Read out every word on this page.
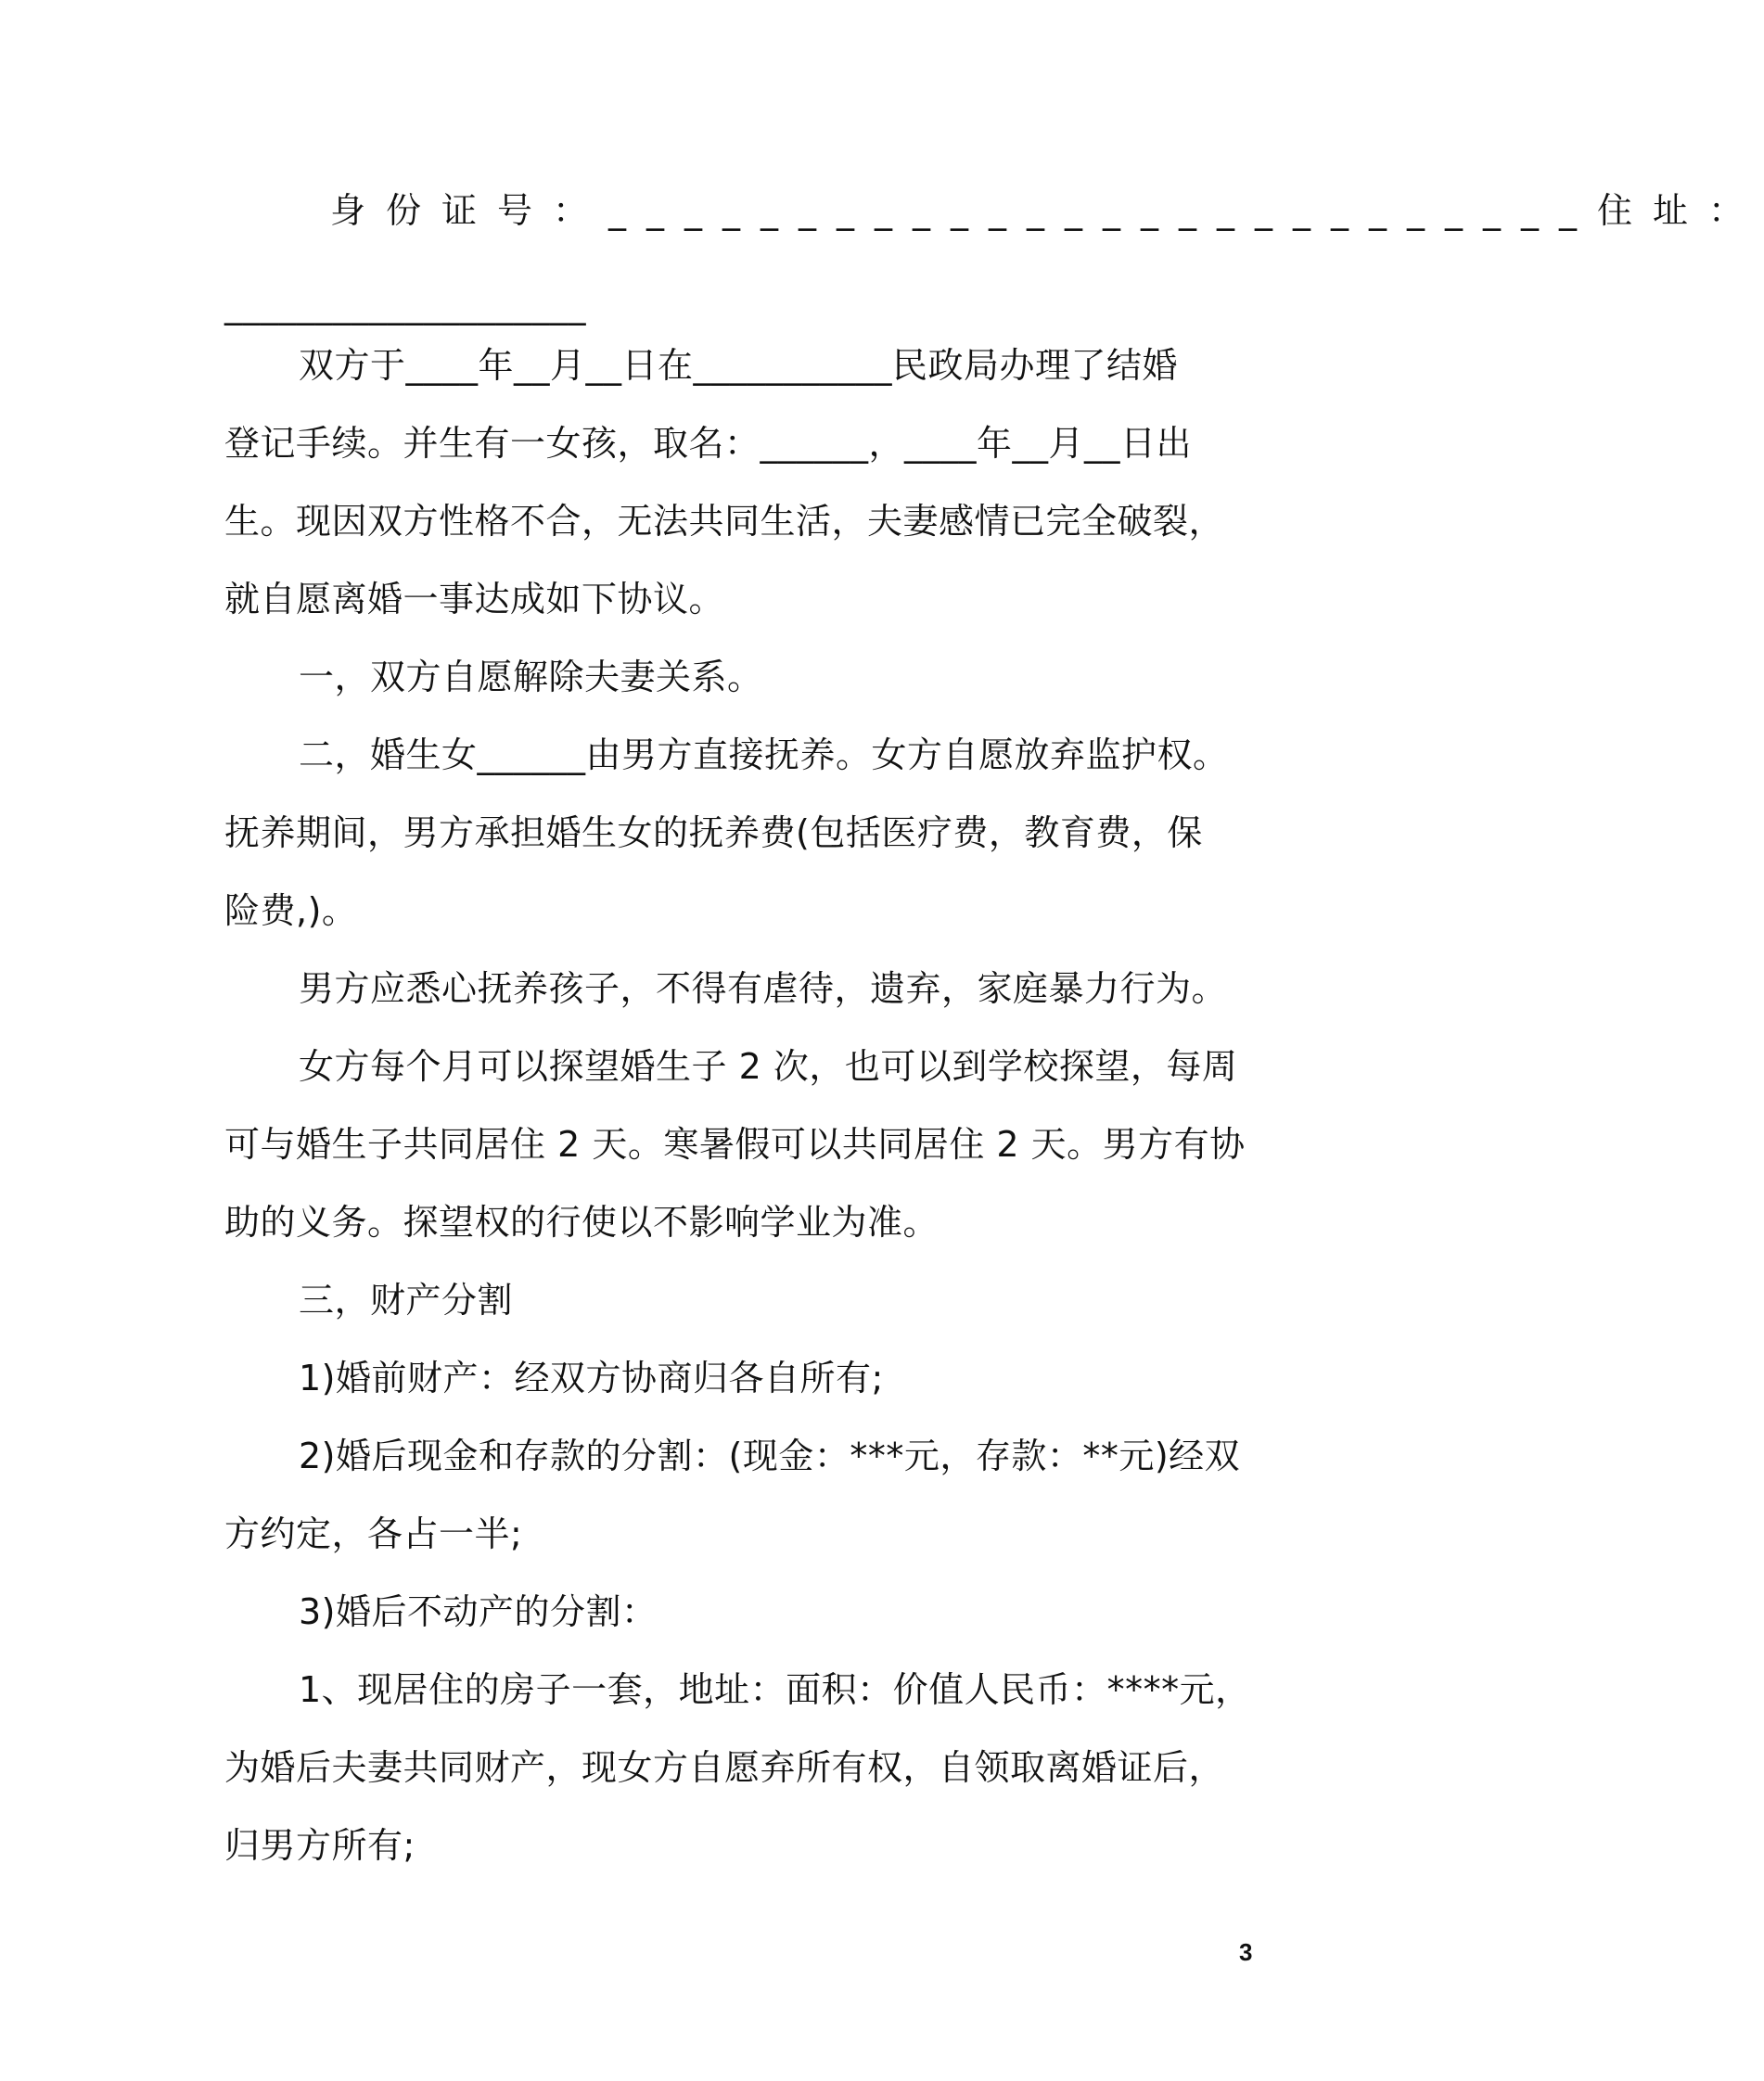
身份证号：__________________________住址：
____________________
双方于____年__月__日在___________民政局办理了结婚
登记手续。并生有一女孩，取名：______，____年__月__日出
生。现因双方性格不合，无法共同生活，夫妻感情已完全破裂，
就自愿离婚一事达成如下协议。
一，双方自愿解除夫妻关系。
二，婚生女______由男方直接抚养。女方自愿放弃监护权。
抚养期间，男方承担婚生女的抚养费(包括医疗费，教育费，保
险费,)。
男方应悉心抚养孩子，不得有虐待，遗弃，家庭暴力行为。
女方每个月可以探望婚生子 2 次，也可以到学校探望，每周
可与婚生子共同居住 2 天。寒暑假可以共同居住 2 天。男方有协
助的义务。探望权的行使以不影响学业为准。
三，财产分割
1)婚前财产：经双方协商归各自所有;
2)婚后现金和存款的分割：(现金：***元，存款：**元)经双
方约定，各占一半;
3)婚后不动产的分割：
1、现居住的房子一套，地址：面积：价值人民币：****元，
为婚后夫妻共同财产，现女方自愿弃所有权，自领取离婚证后，
归男方所有;
3
